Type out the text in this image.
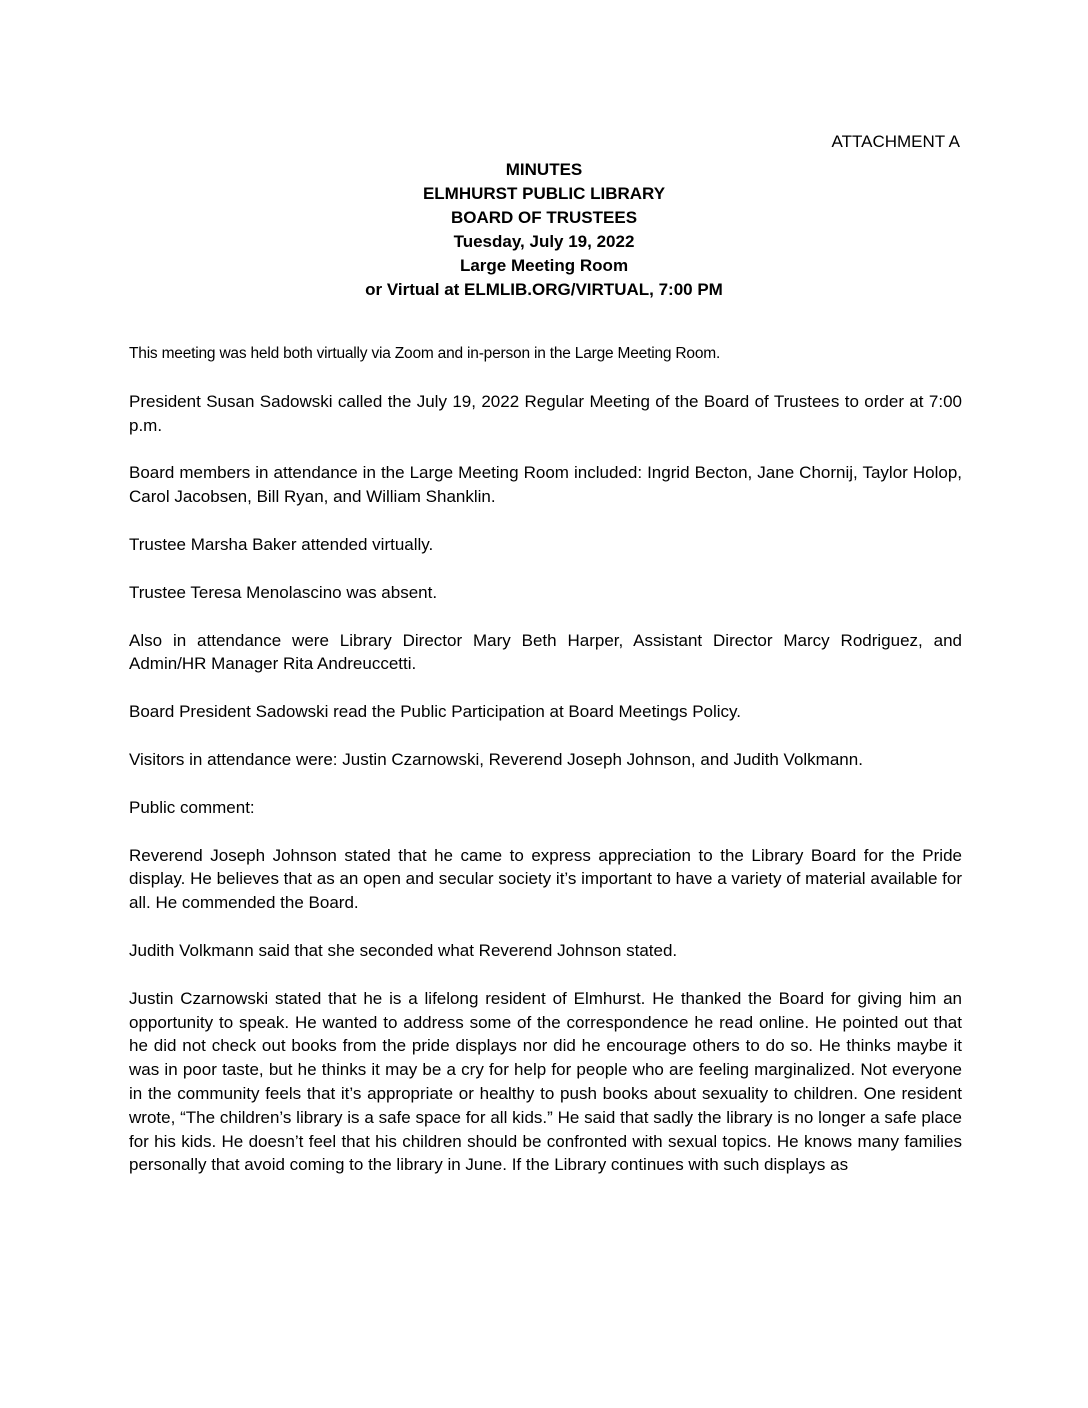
ATTACHMENT A
MINUTES
ELMHURST PUBLIC LIBRARY
BOARD OF TRUSTEES
Tuesday, July 19, 2022
Large Meeting Room
or Virtual at ELMLIB.ORG/VIRTUAL, 7:00 PM

This meeting was held both virtually via Zoom and in-person in the Large Meeting Room.

President Susan Sadowski called the July 19, 2022 Regular Meeting of the Board of Trustees to order at 7:00 p.m.

Board members in attendance in the Large Meeting Room included: Ingrid Becton, Jane Chornij, Taylor Holop, Carol Jacobsen, Bill Ryan, and William Shanklin.

Trustee Marsha Baker attended virtually.

Trustee Teresa Menolascino was absent.

Also in attendance were Library Director Mary Beth Harper, Assistant Director Marcy Rodriguez, and Admin/HR Manager Rita Andreuccetti.

Board President Sadowski read the Public Participation at Board Meetings Policy.

Visitors in attendance were: Justin Czarnowski, Reverend Joseph Johnson, and Judith Volkmann.

Public comment:

Reverend Joseph Johnson stated that he came to express appreciation to the Library Board for the Pride display. He believes that as an open and secular society it’s important to have a variety of material available for all. He commended the Board.

Judith Volkmann said that she seconded what Reverend Johnson stated.

Justin Czarnowski stated that he is a lifelong resident of Elmhurst. He thanked the Board for giving him an opportunity to speak. He wanted to address some of the correspondence he read online. He pointed out that he did not check out books from the pride displays nor did he encourage others to do so. He thinks maybe it was in poor taste, but he thinks it may be a cry for help for people who are feeling marginalized. Not everyone in the community feels that it’s appropriate or healthy to push books about sexuality to children. One resident wrote, “The children’s library is a safe space for all kids.” He said that sadly the library is no longer a safe place for his kids. He doesn’t feel that his children should be confronted with sexual topics. He knows many families personally that avoid coming to the library in June. If the Library continues with such displays as
